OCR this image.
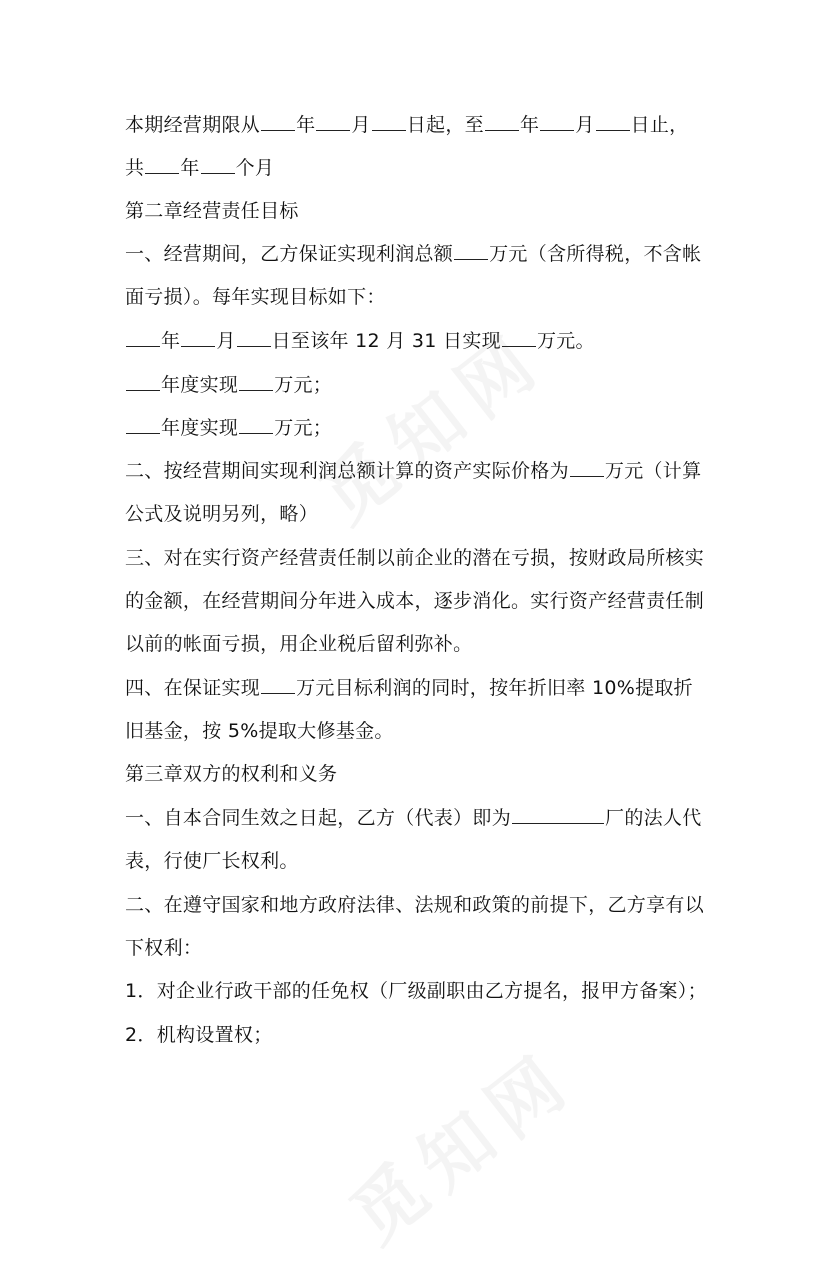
本期经营期限从 年 月 日起，至 年 月 日止，
共 年 个月
第二章经营责任目标
一、经营期间，乙方保证实现利润总额 万元（含所得税，不含帐
面亏损）。每年实现目标如下：
年 月 日至该年 12 月 31 日实现 万元。
年度实现 万元；
年度实现 万元；
二、按经营期间实现利润总额计算的资产实际价格为 万元（计算
公式及说明另列，略）
三、对在实行资产经营责任制以前企业的潜在亏损，按财政局所核实
的金额，在经营期间分年进入成本，逐步消化。实行资产经营责任制
以前的帐面亏损，用企业税后留利弥补。
四、在保证实现 万元目标利润的同时，按年折旧率 10%提取折
旧基金，按 5%提取大修基金。
第三章双方的权利和义务
一、自本合同生效之日起，乙方（代表）即为	厂的法人代
表，行使厂长权利。
二、在遵守国家和地方政府法律、法规和政策的前提下，乙方享有以
下权利：
1．对企业行政干部的任免权（厂级副职由乙方提名，报甲方备案）；
2．机构设置权；
